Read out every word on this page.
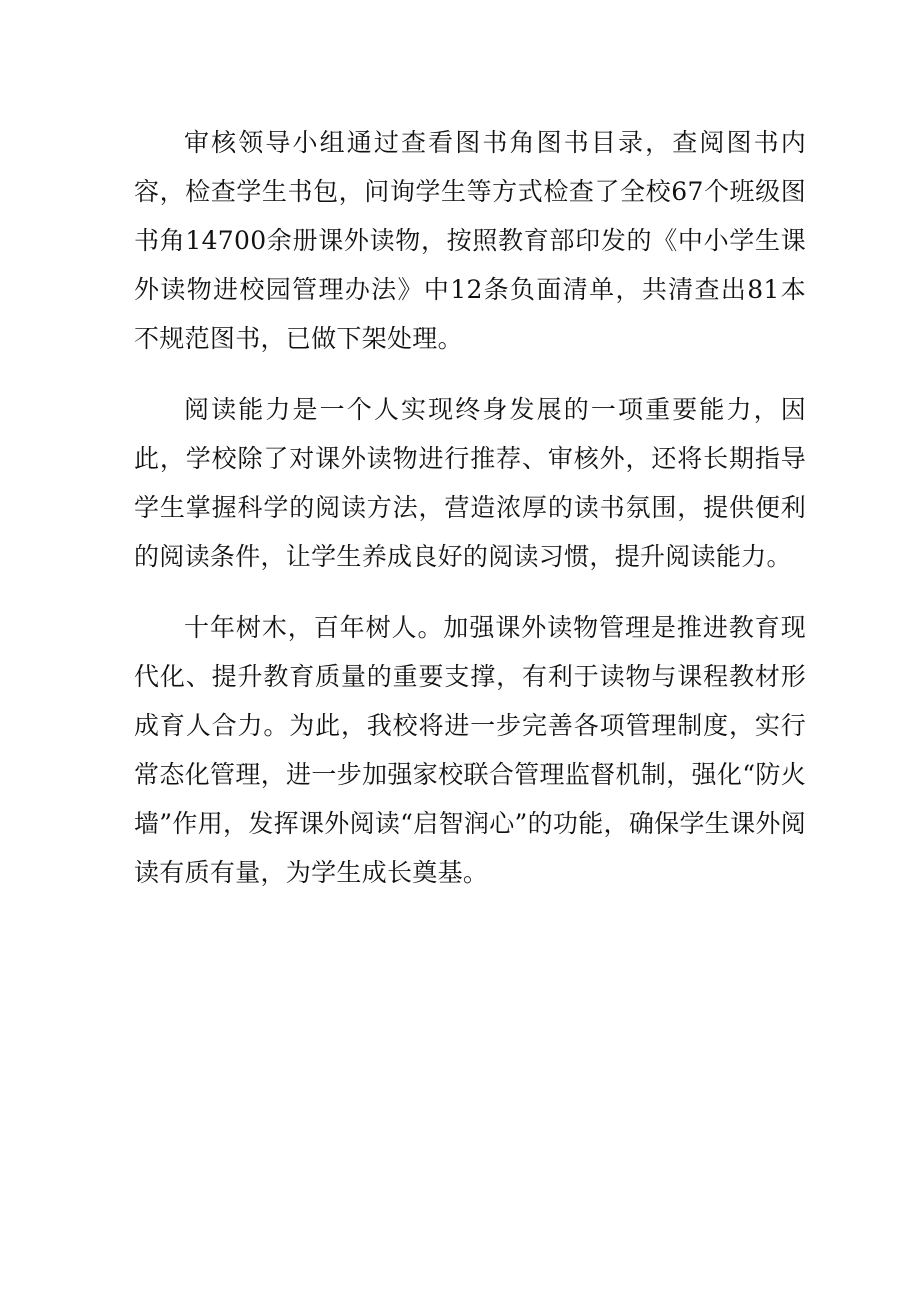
审核领导小组通过查看图书角图书目录，查阅图书内容，检查学生书包，问询学生等方式检查了全校67个班级图书角14700余册课外读物，按照教育部印发的《中小学生课外读物进校园管理办法》中12条负面清单，共清查出81本不规范图书，已做下架处理。

阅读能力是一个人实现终身发展的一项重要能力，因此，学校除了对课外读物进行推荐、审核外，还将长期指导学生掌握科学的阅读方法，营造浓厚的读书氛围，提供便利的阅读条件，让学生养成良好的阅读习惯，提升阅读能力。

十年树木，百年树人。加强课外读物管理是推进教育现代化、提升教育质量的重要支撑，有利于读物与课程教材形成育人合力。为此，我校将进一步完善各项管理制度，实行常态化管理，进一步加强家校联合管理监督机制，强化“防火墙”作用，发挥课外阅读“启智润心”的功能，确保学生课外阅读有质有量，为学生成长奠基。
